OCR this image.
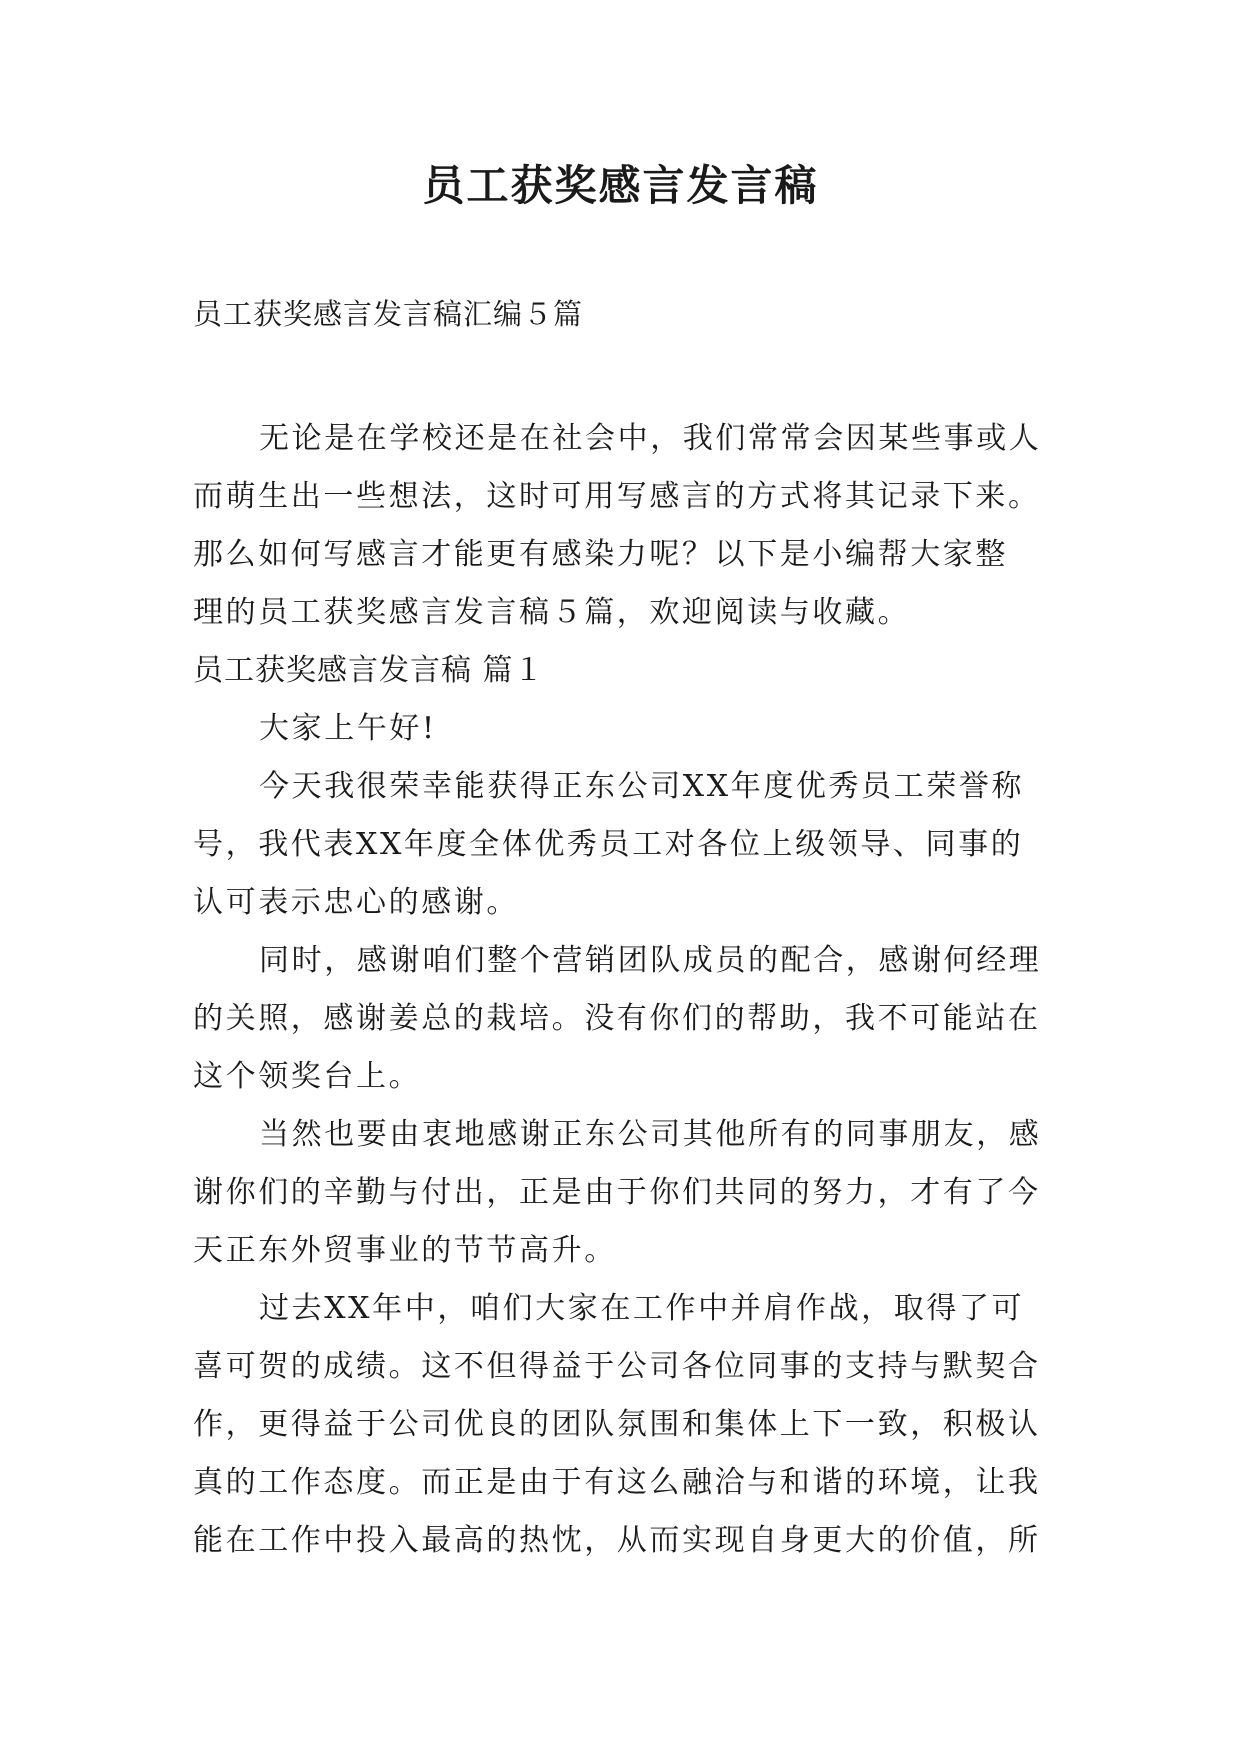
员工获奖感言发言稿

员工获奖感言发言稿汇编５篇

无论是在学校还是在社会中，我们常常会因某些事或人
而萌生出一些想法，这时可用写感言的方式将其记录下来。
那么如何写感言才能更有感染力呢？以下是小编帮大家整
理的员工获奖感言发言稿５篇，欢迎阅读与收藏。
员工获奖感言发言稿 篇１
大家上午好!
今天我很荣幸能获得正东公司XX年度优秀员工荣誉称
号，我代表XX年度全体优秀员工对各位上级领导、同事的
认可表示忠心的感谢。
同时，感谢咱们整个营销团队成员的配合，感谢何经理
的关照，感谢姜总的栽培。没有你们的帮助，我不可能站在
这个领奖台上。
当然也要由衷地感谢正东公司其他所有的同事朋友，感
谢你们的辛勤与付出，正是由于你们共同的努力，才有了今
天正东外贸事业的节节高升。
过去XX年中，咱们大家在工作中并肩作战，取得了可
喜可贺的成绩。这不但得益于公司各位同事的支持与默契合
作，更得益于公司优良的团队氛围和集体上下一致，积极认
真的工作态度。而正是由于有这么融洽与和谐的环境，让我
能在工作中投入最高的热忱，从而实现自身更大的价值，所
